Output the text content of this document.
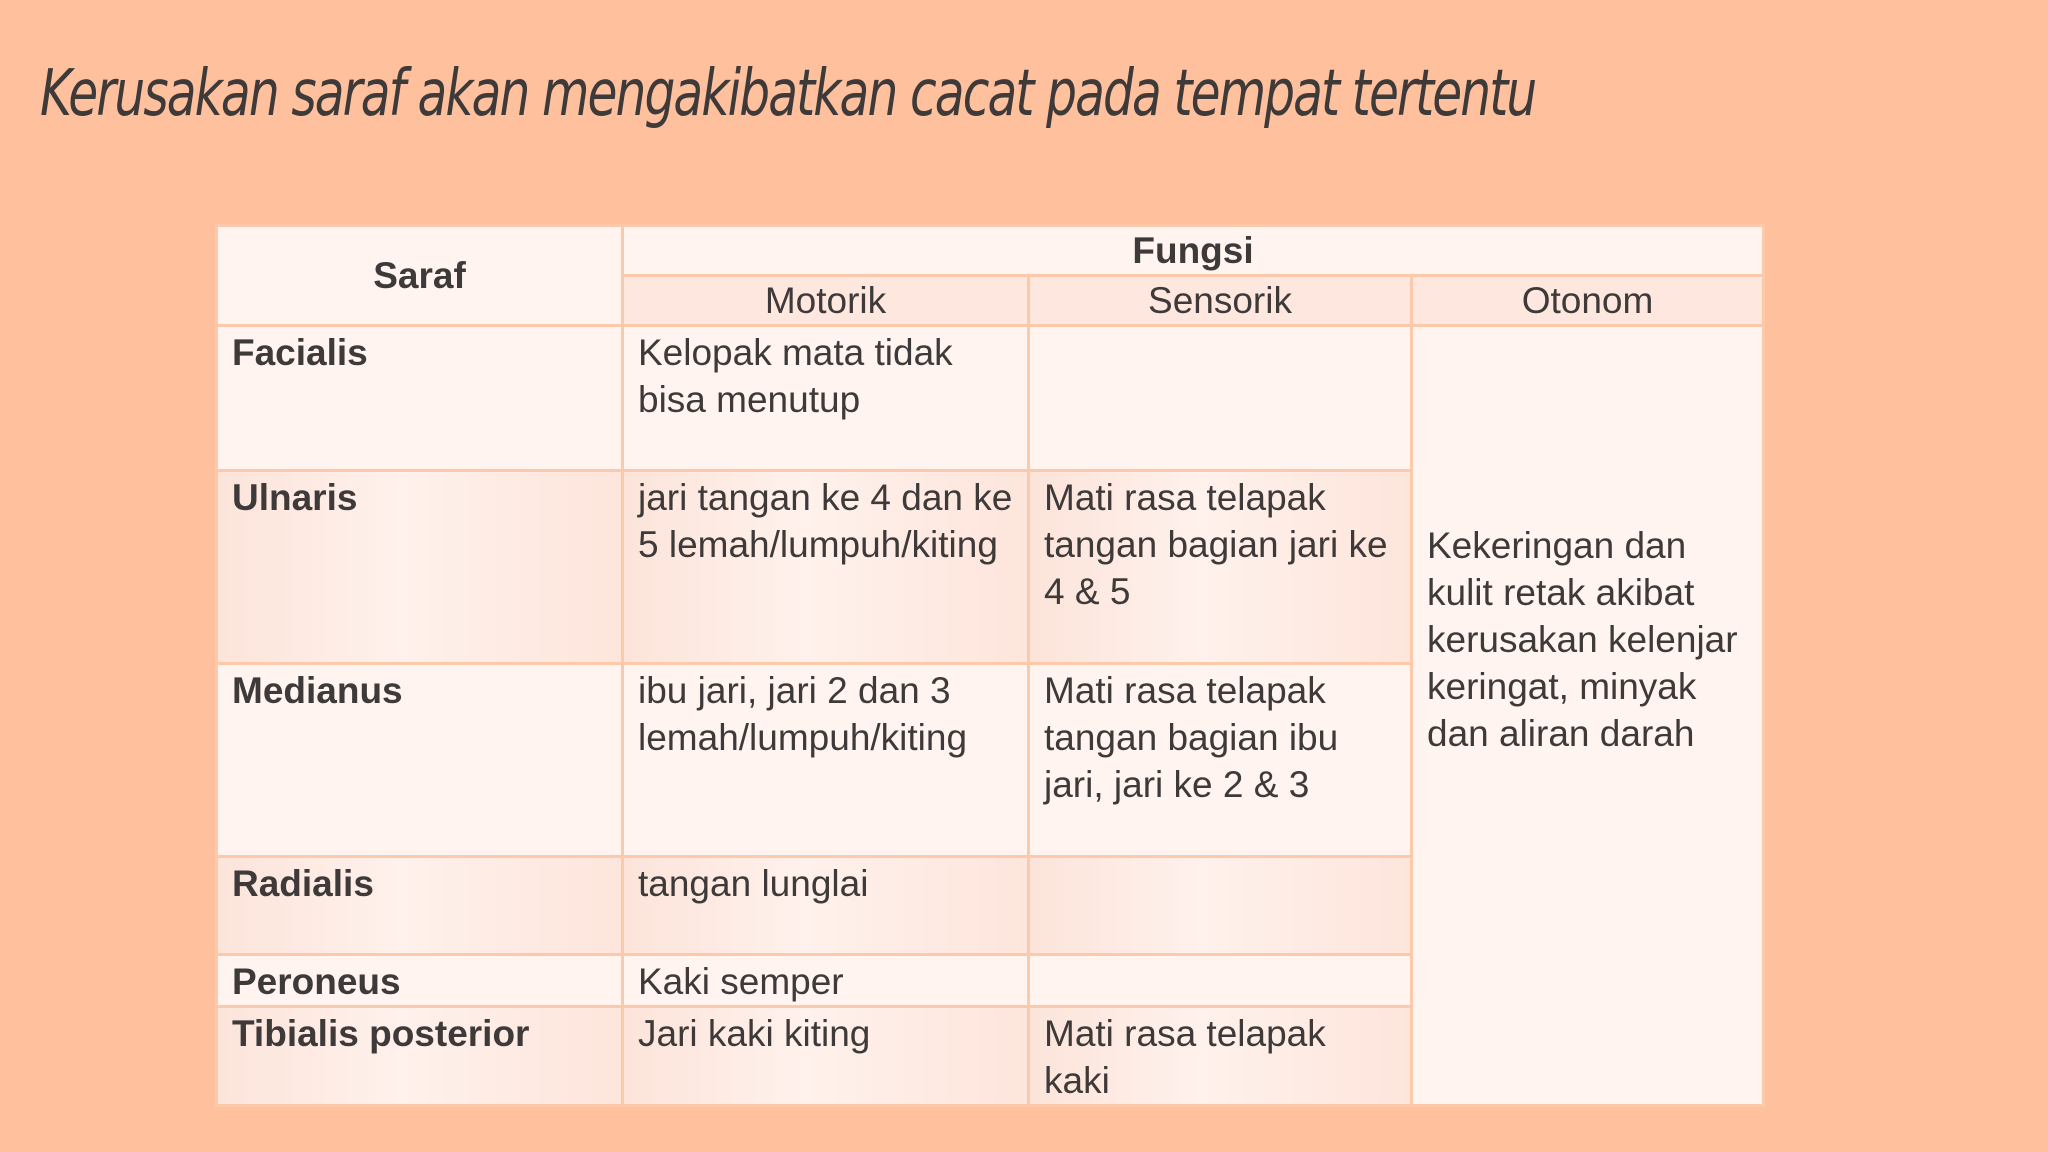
Kerusakan saraf akan mengakibatkan cacat pada tempat tertentu
Saraf	Fungsi		
	Motorik	Sensorik	Otonom
Facialis	Kelopak mata tidak bisa menutup		Kekeringan dan kulit retak akibat kerusakan kelenjar keringat, minyak dan aliran darah

Ulnaris	jari tangan ke 4 dan ke 5 lemah/lumpuh/kiting	Mati rasa telapak tangan bagian jari ke 4 & 5	
Medianus	ibu jari, jari 2 dan 3 lemah/lumpuh/kiting	Mati rasa telapak tangan bagian ibu jari, jari ke 2 & 3	
Radialis	tangan lunglai		
Peroneus	Kaki semper		
Tibialis posterior	Jari kaki kiting	Mati rasa telapak kaki	
